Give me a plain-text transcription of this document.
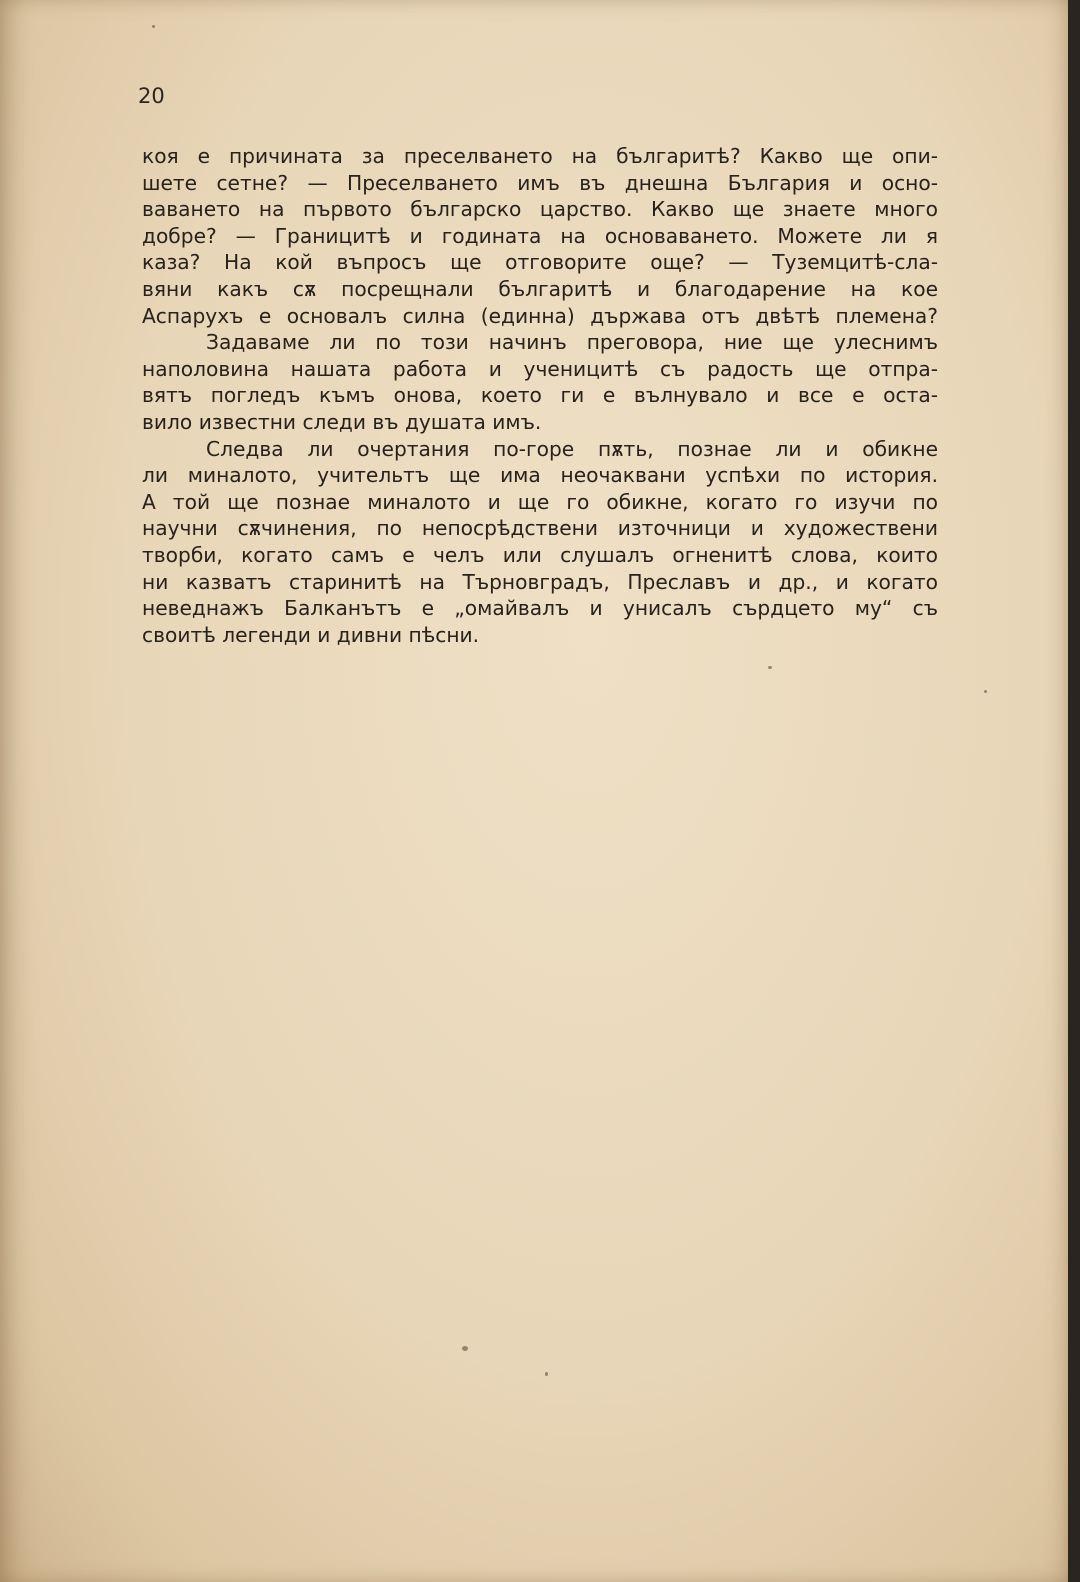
20
коя е причината за преселването на българитѣ? Какво ще опи-
шете сетне? — Преселването имъ въ днешна България и осно-
ваването на първото българско царство. Какво ще знаете много
добре? — Границитѣ и годината на основаването. Можете ли я
каза? На кой въпросъ ще отговорите още? — Туземцитѣ-сла-
вяни какъ сѫ посрещнали българитѣ и благодарение на кое
Аспарухъ е основалъ силна (единна) държава отъ двѣтѣ племена?
Задаваме ли по този начинъ преговора, ние ще улеснимъ
наполовина нашата работа и ученицитѣ съ радость ще отпра-
вятъ погледъ къмъ онова, което ги е вълнувало и все е оста-
вило известни следи въ душата имъ.
Следва ли очертания по-горе пѫть, познае ли и обикне
ли миналото, учительтъ ще има неочаквани успѣхи по история.
А той ще познае миналото и ще го обикне, когато го изучи по
научни сѫчинения, по непосрѣдствени източници и художествени
творби, когато самъ е челъ или слушалъ огненитѣ слова, които
ни казватъ старинитѣ на Търновградъ, Преславъ и др., и когато
неведнажъ Балканътъ е „омайвалъ и унисалъ сърдцето му“ съ
своитѣ легенди и дивни пѣсни.
